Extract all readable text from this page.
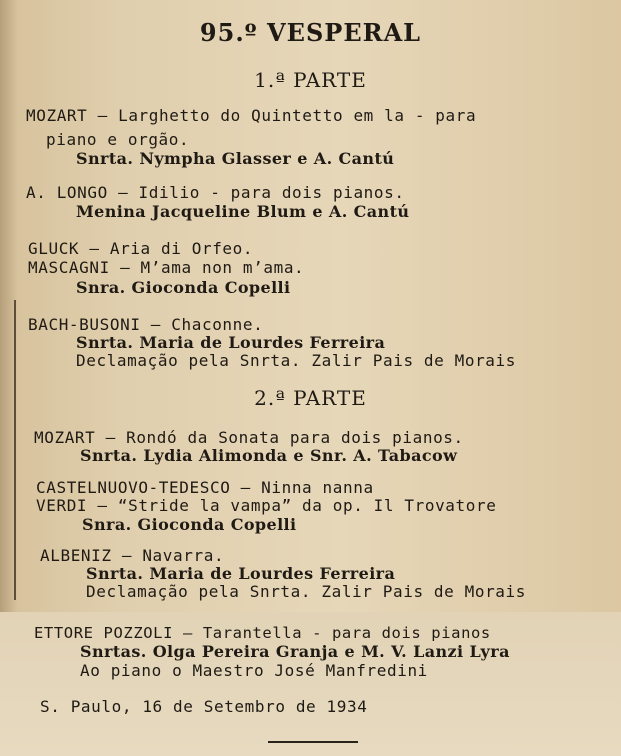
95.º VESPERAL
1.ª PARTE
MOZART — Larghetto do Quintetto em la - para
piano e orgão.
Snrta. Nympha Glasser e A. Cantú
A. LONGO — Idilio - para dois pianos.
Menina Jacqueline Blum e A. Cantú
GLUCK — Aria di Orfeo.
MASCAGNI — M’ama non m’ama.
Snra. Gioconda Copelli
BACH-BUSONI — Chaconne.
Snrta. Maria de Lourdes Ferreira
Declamação pela Snrta. Zalir Pais de Morais
2.ª PARTE
MOZART — Rondó da Sonata para dois pianos.
Snrta. Lydia Alimonda e Snr. A. Tabacow
CASTELNUOVO-TEDESCO — Ninna nanna
VERDI — “Stride la vampa” da op. Il Trovatore
Snra. Gioconda Copelli
ALBENIZ — Navarra.
Snrta. Maria de Lourdes Ferreira
Declamação pela Snrta. Zalir Pais de Morais
ETTORE POZZOLI — Tarantella - para dois pianos
Snrtas. Olga Pereira Granja e M. V. Lanzi Lyra
Ao piano o Maestro José Manfredini
S. Paulo, 16 de Setembro de 1934
